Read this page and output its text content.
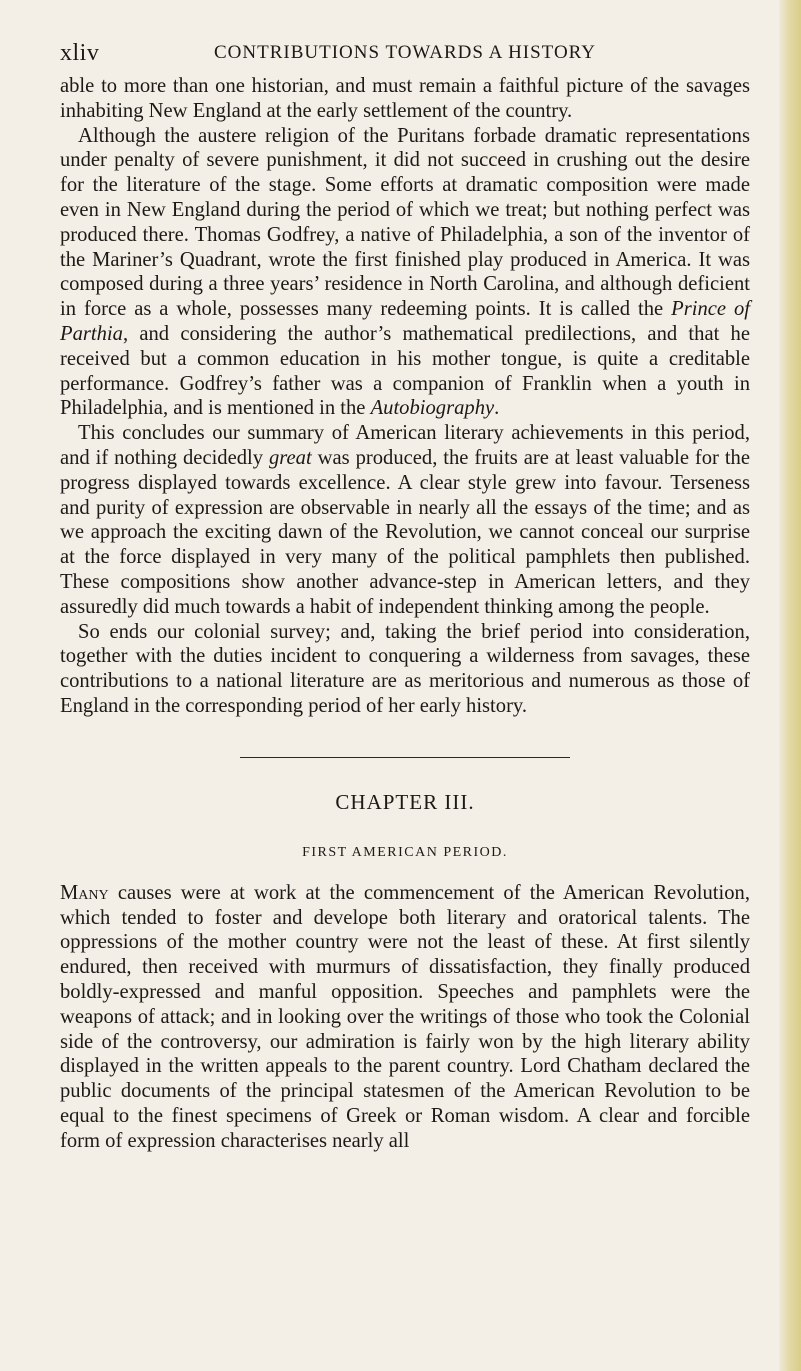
xliv	CONTRIBUTIONS TOWARDS A HISTORY

able to more than one historian, and must remain a faithful picture of the savages inhabiting New England at the early settlement of the country.

Although the austere religion of the Puritans forbade dramatic representations under penalty of severe punishment, it did not succeed in crushing out the desire for the literature of the stage. Some efforts at dramatic composition were made even in New England during the period of which we treat; but nothing perfect was produced there. Thomas Godfrey, a native of Philadelphia, a son of the inventor of the Mariner’s Quadrant, wrote the first finished play produced in America. It was composed during a three years’ residence in North Carolina, and although deficient in force as a whole, possesses many redeeming points. It is called the Prince of Parthia, and considering the author’s mathematical predilections, and that he received but a common education in his mother tongue, is quite a creditable performance. Godfrey’s father was a companion of Franklin when a youth in Philadelphia, and is mentioned in the Autobiography.

This concludes our summary of American literary achievements in this period, and if nothing decidedly great was produced, the fruits are at least valuable for the progress displayed towards excellence. A clear style grew into favour. Terseness and purity of expression are observable in nearly all the essays of the time; and as we approach the exciting dawn of the Revolution, we cannot conceal our surprise at the force displayed in very many of the political pamphlets then published. These compositions show another advance-step in American letters, and they assuredly did much towards a habit of independent thinking among the people.

So ends our colonial survey; and, taking the brief period into consideration, together with the duties incident to conquering a wilderness from savages, these contributions to a national literature are as meritorious and numerous as those of England in the corresponding period of her early history.

CHAPTER III.
FIRST AMERICAN PERIOD.

Many causes were at work at the commencement of the American Revolution, which tended to foster and develope both literary and oratorical talents. The oppressions of the mother country were not the least of these. At first silently endured, then received with murmurs of dissatisfaction, they finally produced boldly-expressed and manful opposition. Speeches and pamphlets were the weapons of attack; and in looking over the writings of those who took the Colonial side of the controversy, our admiration is fairly won by the high literary ability displayed in the written appeals to the parent country. Lord Chatham declared the public documents of the principal statesmen of the American Revolution to be equal to the finest specimens of Greek or Roman wisdom. A clear and forcible form of expression characterises nearly all
